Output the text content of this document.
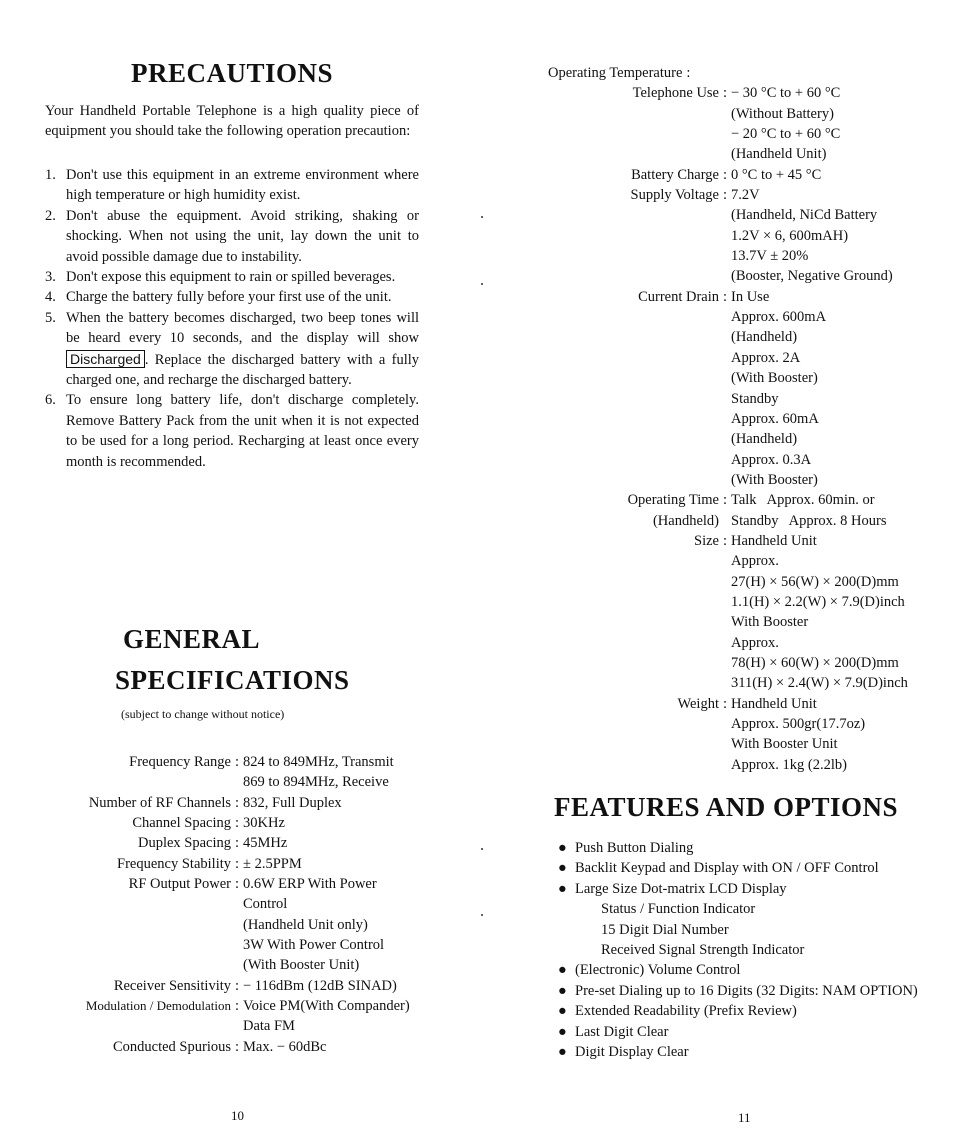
PRECAUTIONS
Your Handheld Portable Telephone is a high quality piece of equipment you should take the following operation precaution:
1. Don't use this equipment in an extreme environment where high temperature or high humidity exist.
2. Don't abuse the equipment. Avoid striking, shaking or shocking. When not using the unit, lay down the unit to avoid possible damage due to instability.
3. Don't expose this equipment to rain or spilled beverages.
4. Charge the battery fully before your first use of the unit.
5. When the battery becomes discharged, two beep tones will be heard every 10 seconds, and the display will show Discharged . Replace the discharged battery with a fully charged one, and recharge the discharged battery.
6. To ensure long battery life, don't discharge completely. Remove Battery Pack from the unit when it is not expected to be used for a long period. Recharging at least once every month is recommended.
GENERAL
SPECIFICATIONS
(subject to change without notice)
Frequency Range : 824 to 849MHz, Transmit
869 to 894MHz, Receive
Number of RF Channels : 832, Full Duplex
Channel Spacing : 30KHz
Duplex Spacing : 45MHz
Frequency Stability : ± 2.5PPM
RF Output Power : 0.6W ERP With Power
Control
(Handheld Unit only)
3W With Power Control
(With Booster Unit)
Receiver Sensitivity : − 116dBm (12dB SINAD)
Modulation / Demodulation : Voice PM(With Compander)
Data FM
Conducted Spurious : Max. − 60dBc
10
Operating Temperature :
Telephone Use : − 30 °C to + 60 °C
(Without Battery)
− 20 °C to + 60 °C
(Handheld Unit)
Battery Charge : 0 °C to + 45 °C
Supply Voltage : 7.2V
(Handheld, NiCd Battery
1.2V × 6, 600mAH)
13.7V ± 20%
(Booster, Negative Ground)
Current Drain : In Use
Approx. 600mA
(Handheld)
Approx. 2A
(With Booster)
Standby
Approx. 60mA
(Handheld)
Approx. 0.3A
(With Booster)
Operating Time : Talk   Approx. 60min. or
(Handheld) Standby   Approx. 8 Hours
Size : Handheld Unit
Approx.
27(H) × 56(W) × 200(D)mm
1.1(H) × 2.2(W) × 7.9(D)inch
With Booster
Approx.
78(H) × 60(W) × 200(D)mm
311(H) × 2.4(W) × 7.9(D)inch
Weight : Handheld Unit
Approx. 500gr(17.7oz)
With Booster Unit
Approx. 1kg (2.2lb)
FEATURES AND OPTIONS
● Push Button Dialing
● Backlit Keypad and Display with ON / OFF Control
● Large Size Dot-matrix LCD Display
Status / Function Indicator
15 Digit Dial Number
Received Signal Strength Indicator
● (Electronic) Volume Control
● Pre-set Dialing up to 16 Digits (32 Digits: NAM OPTION)
● Extended Readability (Prefix Review)
● Last Digit Clear
● Digit Display Clear
11
